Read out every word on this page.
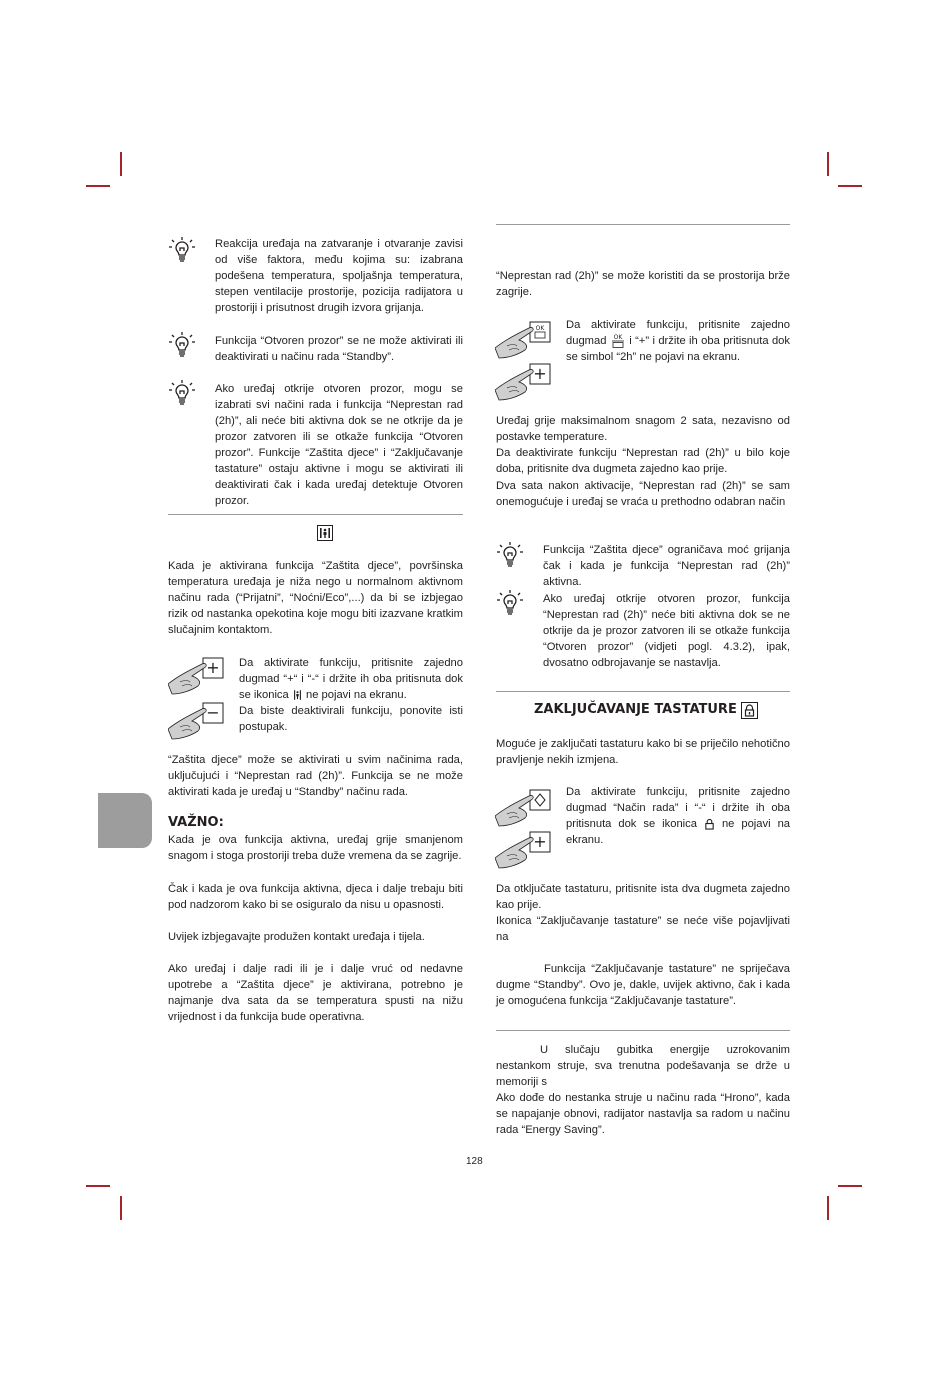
Reakcija uređaja na zatvaranje i otvaranje zavisi od više faktora, među kojima su: izabrana podešena temperatura, spoljašnja temperatura, stepen ventilacije prostorije, pozicija radijatora u prostoriji i prisutnost drugih izvora grijanja.
Funkcija “Otvoren prozor” se ne može aktivirati ili deaktivirati u načinu rada “Standby”.
Ako uređaj otkrije otvoren prozor, mogu se izabrati svi načini rada i funkcija “Neprestan rad (2h)”, ali neće biti aktivna dok se ne otkrije da je prozor zatvoren ili se otkaže funkcija “Otvoren prozor”. Funkcije “Zaštita djece” i “Zaključavanje tastature” ostaju aktivne i mogu se aktivirati ili deaktivirati čak i kada uređaj detektuje Otvoren prozor.
Kada je aktivirana funkcija “Zaštita djece”, površinska temperatura uređaja je niža nego u normalnom aktivnom načinu rada (“Prijatni”, “Noćni/Eco”,...) da bi se izbjegao rizik od nastanka opekotina koje mogu biti izazvane kratkim slučajnim kontaktom.
+
−
Da aktivirate funkciju, pritisnite zajedno dugmad “+“ i “-“ i držite ih oba pritisnuta dok se ikonica ne pojavi na ekranu.
Da biste deaktivirali funkciju, ponovite isti postupak.
“Zaštita djece” može se aktivirati u svim načinima rada, uključujući i “Neprestan rad (2h)”. Funkcija se ne može aktivirati kada je uređaj u “Standby” načinu rada.
VAŽNO:
Kada je ova funkcija aktivna, uređaj grije smanjenom snagom i stoga prostoriji treba duže vremena da se zagrije.
Čak i kada je ova funkcija aktivna, djeca i dalje trebaju biti pod nadzorom kako bi se osiguralo da nisu u opasnosti.
Uvijek izbjegavajte produžen kontakt uređaja i tijela.
Ako uređaj i dalje radi ili je i dalje vruć od nedavne upotrebe a “Zaštita djece” je aktivirana, potrebno je najmanje dva sata da se temperatura spusti na nižu vrijednost i da funkcija bude operativna.
“Neprestan rad (2h)” se može koristiti da se prostorija brže zagrije.
OK
+
Da aktivirate funkciju, pritisnite zajedno dugmad OK i “+” i držite ih oba pritisnuta dok se simbol “2h” ne pojavi na ekranu.
Uređaj grije maksimalnom snagom 2 sata, nezavisno od postavke temperature.
Da deaktivirate funkciju “Neprestan rad (2h)” u bilo koje doba, pritisnite dva dugmeta zajedno kao prije.
Dva sata nakon aktivacije, “Neprestan rad (2h)” se sam onemogućuje i uređaj se vraća u prethodno odabran način
Funkcija “Zaštita djece” ograničava moć grijanja čak i kada je funkcija “Neprestan rad (2h)” aktivna.
Ako uređaj otkrije otvoren prozor, funkcija “Neprestan rad (2h)” neće biti aktivna dok se ne otkrije da je prozor zatvoren ili se otkaže funkcija “Otvoren prozor” (vidjeti pogl. 4.3.2), ipak, dvosatno odbrojavanje se nastavlja.
ZAKLJUČAVANJE TASTATURE
Moguće je zaključati tastaturu kako bi se priječilo nehotično pravljenje nekih izmjena.
+
Da aktivirate funkciju, pritisnite zajedno dugmad “Način rada” i “-“ i držite ih oba pritisnuta dok se ikonica ne pojavi na ekranu.
Da otključate tastaturu, pritisnite ista dva dugmeta zajedno kao prije.
Ikonica “Zaključavanje tastature” se neće više pojavljivati na
Funkcija “Zaključavanje tastature” ne spriječava dugme “Standby”. Ovo je, dakle, uvijek aktivno, čak i kada je omogućena funkcija “Zaključavanje tastature”.
U slučaju gubitka energije uzrokovanim nestankom struje, sva trenutna podešavanja se drže u memoriji s
Ako dođe do nestanka struje u načinu rada “Hrono”, kada se napajanje obnovi, radijator nastavlja sa radom u načinu rada “Energy Saving”.
128
